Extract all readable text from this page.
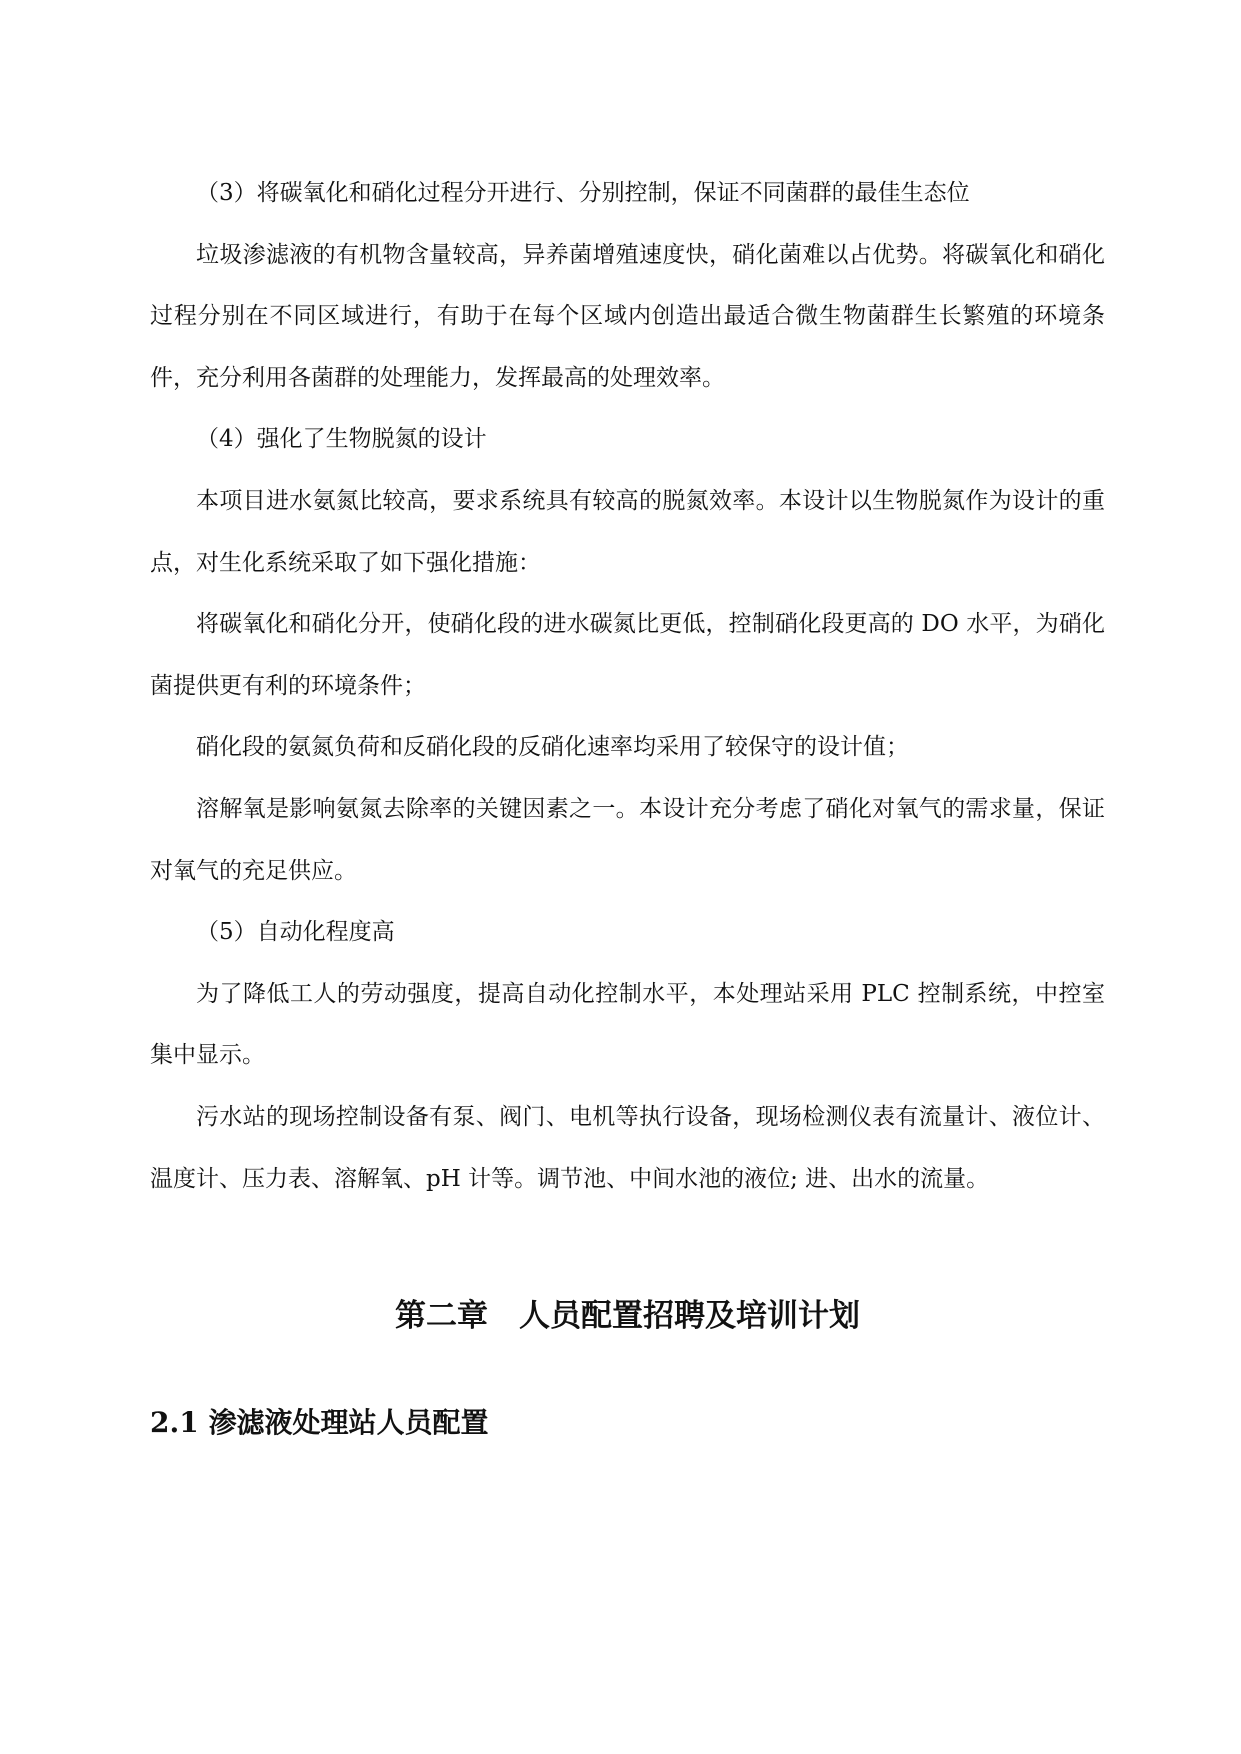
（3）将碳氧化和硝化过程分开进行、分别控制，保证不同菌群的最佳生态位

垃圾渗滤液的有机物含量较高，异养菌增殖速度快，硝化菌难以占优势。将碳氧化和硝化过程分别在不同区域进行，有助于在每个区域内创造出最适合微生物菌群生长繁殖的环境条件，充分利用各菌群的处理能力，发挥最高的处理效率。

（4）强化了生物脱氮的设计

本项目进水氨氮比较高，要求系统具有较高的脱氮效率。本设计以生物脱氮作为设计的重点，对生化系统采取了如下强化措施：

将碳氧化和硝化分开，使硝化段的进水碳氮比更低，控制硝化段更高的 DO 水平，为硝化菌提供更有利的环境条件；

硝化段的氨氮负荷和反硝化段的反硝化速率均采用了较保守的设计值；

溶解氧是影响氨氮去除率的关键因素之一。本设计充分考虑了硝化对氧气的需求量，保证对氧气的充足供应。

（5）自动化程度高

为了降低工人的劳动强度，提高自动化控制水平，本处理站采用 PLC 控制系统，中控室集中显示。

污水站的现场控制设备有泵、阀门、电机等执行设备，现场检测仪表有流量计、液位计、温度计、压力表、溶解氧、pH 计等。调节池、中间水池的液位; 进、出水的流量。

第二章　人员配置招聘及培训计划
2.1 渗滤液处理站人员配置
